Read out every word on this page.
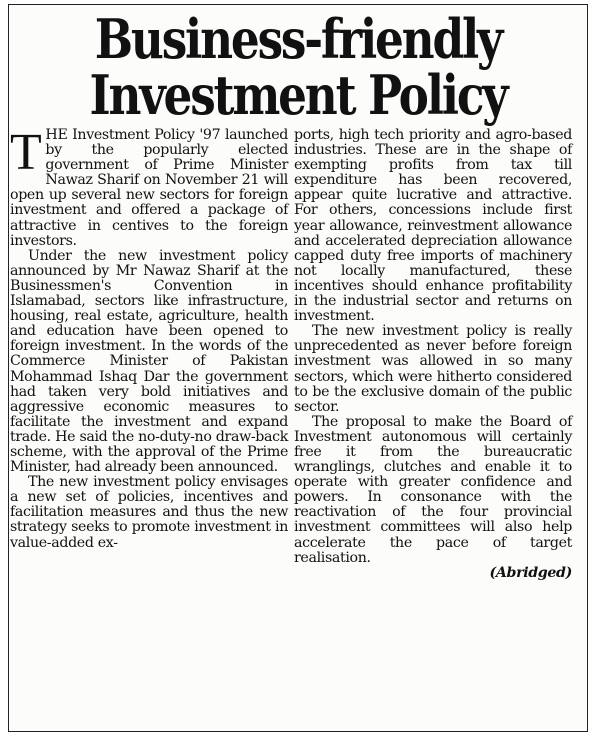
Business-friendly
Investment Policy

THE Investment Policy '97 launched by the popularly elected government of Prime Minister Nawaz Sharif on November 21 will open up several new sectors for foreign investment and offered a package of attractive in centives to the foreign investors.

Under the new investment policy announced by Mr Nawaz Sharif at the Businessmen's Convention in Islamabad, sectors like infrastructure, housing, real estate, agriculture, health and education have been opened to foreign investment. In the words of the Commerce Minister of Pakistan Mohammad Ishaq Dar the government had taken very bold initiatives and aggressive economic measures to facilitate the investment and expand trade. He said the no-duty-no draw-back scheme, with the approval of the Prime Minister, had already been announced.

The new investment policy envisages a new set of policies, incentives and facilitation measures and thus the new strategy seeks to promote investment in value-added ex-

ports, high tech priority and agro-based industries. These are in the shape of exempting profits from tax till expenditure has been recovered, appear quite lucrative and attractive. For others, concessions include first year allowance, reinvestment allowance and accelerated depreciation allowance capped duty free imports of machinery not locally manufactured, these incentives should enhance profitability in the industrial sector and returns on investment.

The new investment policy is really unprecedented as never before foreign investment was allowed in so many sectors, which were hitherto considered to be the exclusive domain of the public sector.

The proposal to make the Board of Investment autonomous will certainly free it from the bureaucratic wranglings, clutches and enable it to operate with greater confidence and powers. In consonance with the reactivation of the four provincial investment committees will also help accelerate the pace of target realisation.

(Abridged)
